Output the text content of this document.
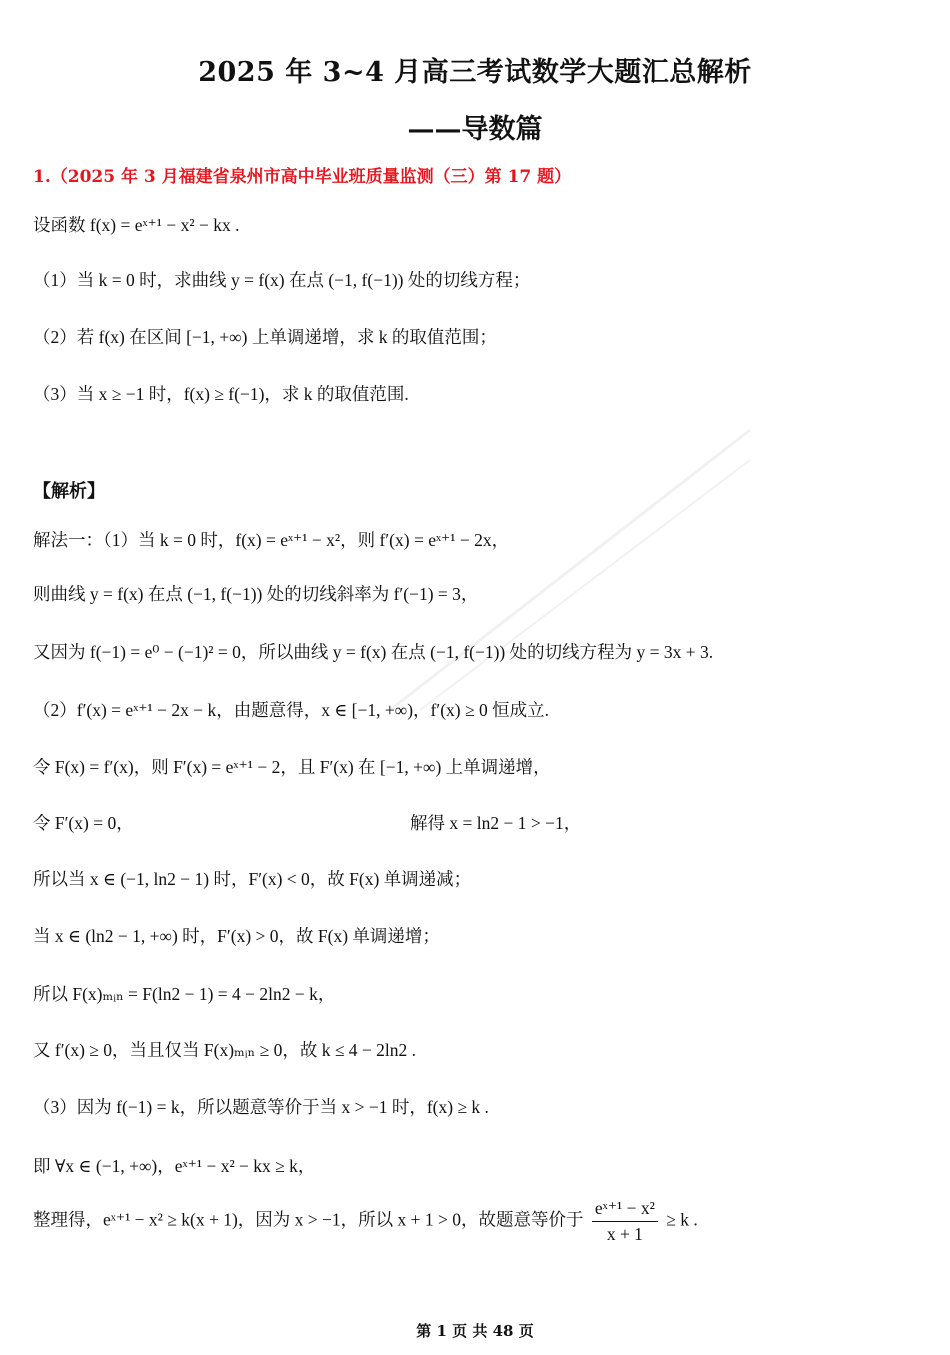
2025 年 3~4 月高三考试数学大题汇总解析
——导数篇
1.（2025 年 3 月福建省泉州市高中毕业班质量监测（三）第 17 题）
设函数 f(x) = eˣ⁺¹ − x² − kx .
（1）当 k = 0 时，求曲线 y = f(x) 在点 (−1, f(−1)) 处的切线方程；
（2）若 f(x) 在区间 [−1, +∞) 上单调递增，求 k 的取值范围；
（3）当 x ≥ −1 时，f(x) ≥ f(−1)，求 k 的取值范围.
【解析】
解法一：（1）当 k = 0 时，f(x) = eˣ⁺¹ − x²，则 f′(x) = eˣ⁺¹ − 2x，
则曲线 y = f(x) 在点 (−1, f(−1)) 处的切线斜率为 f′(−1) = 3，
又因为 f(−1) = e⁰ − (−1)² = 0，所以曲线 y = f(x) 在点 (−1, f(−1)) 处的切线方程为 y = 3x + 3.
（2）f′(x) = eˣ⁺¹ − 2x − k，由题意得，x ∈ [−1, +∞)，f′(x) ≥ 0 恒成立.
令 F(x) = f′(x)，则 F′(x) = eˣ⁺¹ − 2，且 F′(x) 在 [−1, +∞) 上单调递增，
令 F′(x) = 0，	解得 x = ln2 − 1 > −1，
所以当 x ∈ (−1, ln2 − 1) 时，F′(x) < 0，故 F(x) 单调递减；
当 x ∈ (ln2 − 1, +∞) 时，F′(x) > 0，故 F(x) 单调递增；
所以 F(x)ₘᵢₙ = F(ln2 − 1) = 4 − 2ln2 − k，
又 f′(x) ≥ 0，当且仅当 F(x)ₘᵢₙ ≥ 0，故 k ≤ 4 − 2ln2 .
（3）因为 f(−1) = k，所以题意等价于当 x > −1 时，f(x) ≥ k .
即 ∀x ∈ (−1, +∞)，eˣ⁺¹ − x² − kx ≥ k，
整理得，eˣ⁺¹ − x² ≥ k(x + 1)，因为 x > −1，所以 x + 1 > 0，故题意等价于 $\frac{\text{eˣ⁺¹ − x²}}{x + 1} \ge k$ .
第 1 页 共 48 页
